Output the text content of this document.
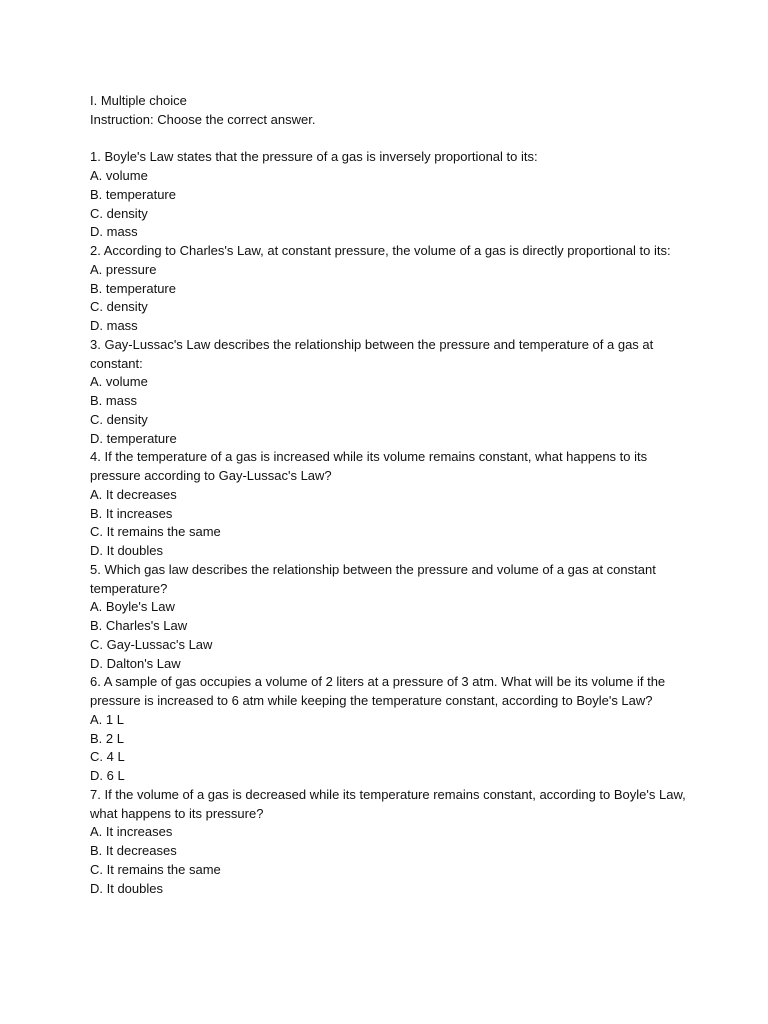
I. Multiple choice
Instruction: Choose the correct answer.
1. Boyle's Law states that the pressure of a gas is inversely proportional to its:
A. volume
B. temperature
C. density
D. mass
2. According to Charles's Law, at constant pressure, the volume of a gas is directly proportional to its:
A. pressure
B. temperature
C. density
D. mass
3. Gay-Lussac's Law describes the relationship between the pressure and temperature of a gas at
constant:
A. volume
B. mass
C. density
D. temperature
4. If the temperature of a gas is increased while its volume remains constant, what happens to its
pressure according to Gay-Lussac's Law?
A. It decreases
B. It increases
C. It remains the same
D. It doubles
5. Which gas law describes the relationship between the pressure and volume of a gas at constant
temperature?
A. Boyle's Law
B. Charles's Law
C. Gay-Lussac's Law
D. Dalton's Law
6. A sample of gas occupies a volume of 2 liters at a pressure of 3 atm. What will be its volume if the
pressure is increased to 6 atm while keeping the temperature constant, according to Boyle's Law?
A. 1 L
B. 2 L
C. 4 L
D. 6 L
7. If the volume of a gas is decreased while its temperature remains constant, according to Boyle's Law,
what happens to its pressure?
A. It increases
B. It decreases
C. It remains the same
D. It doubles
